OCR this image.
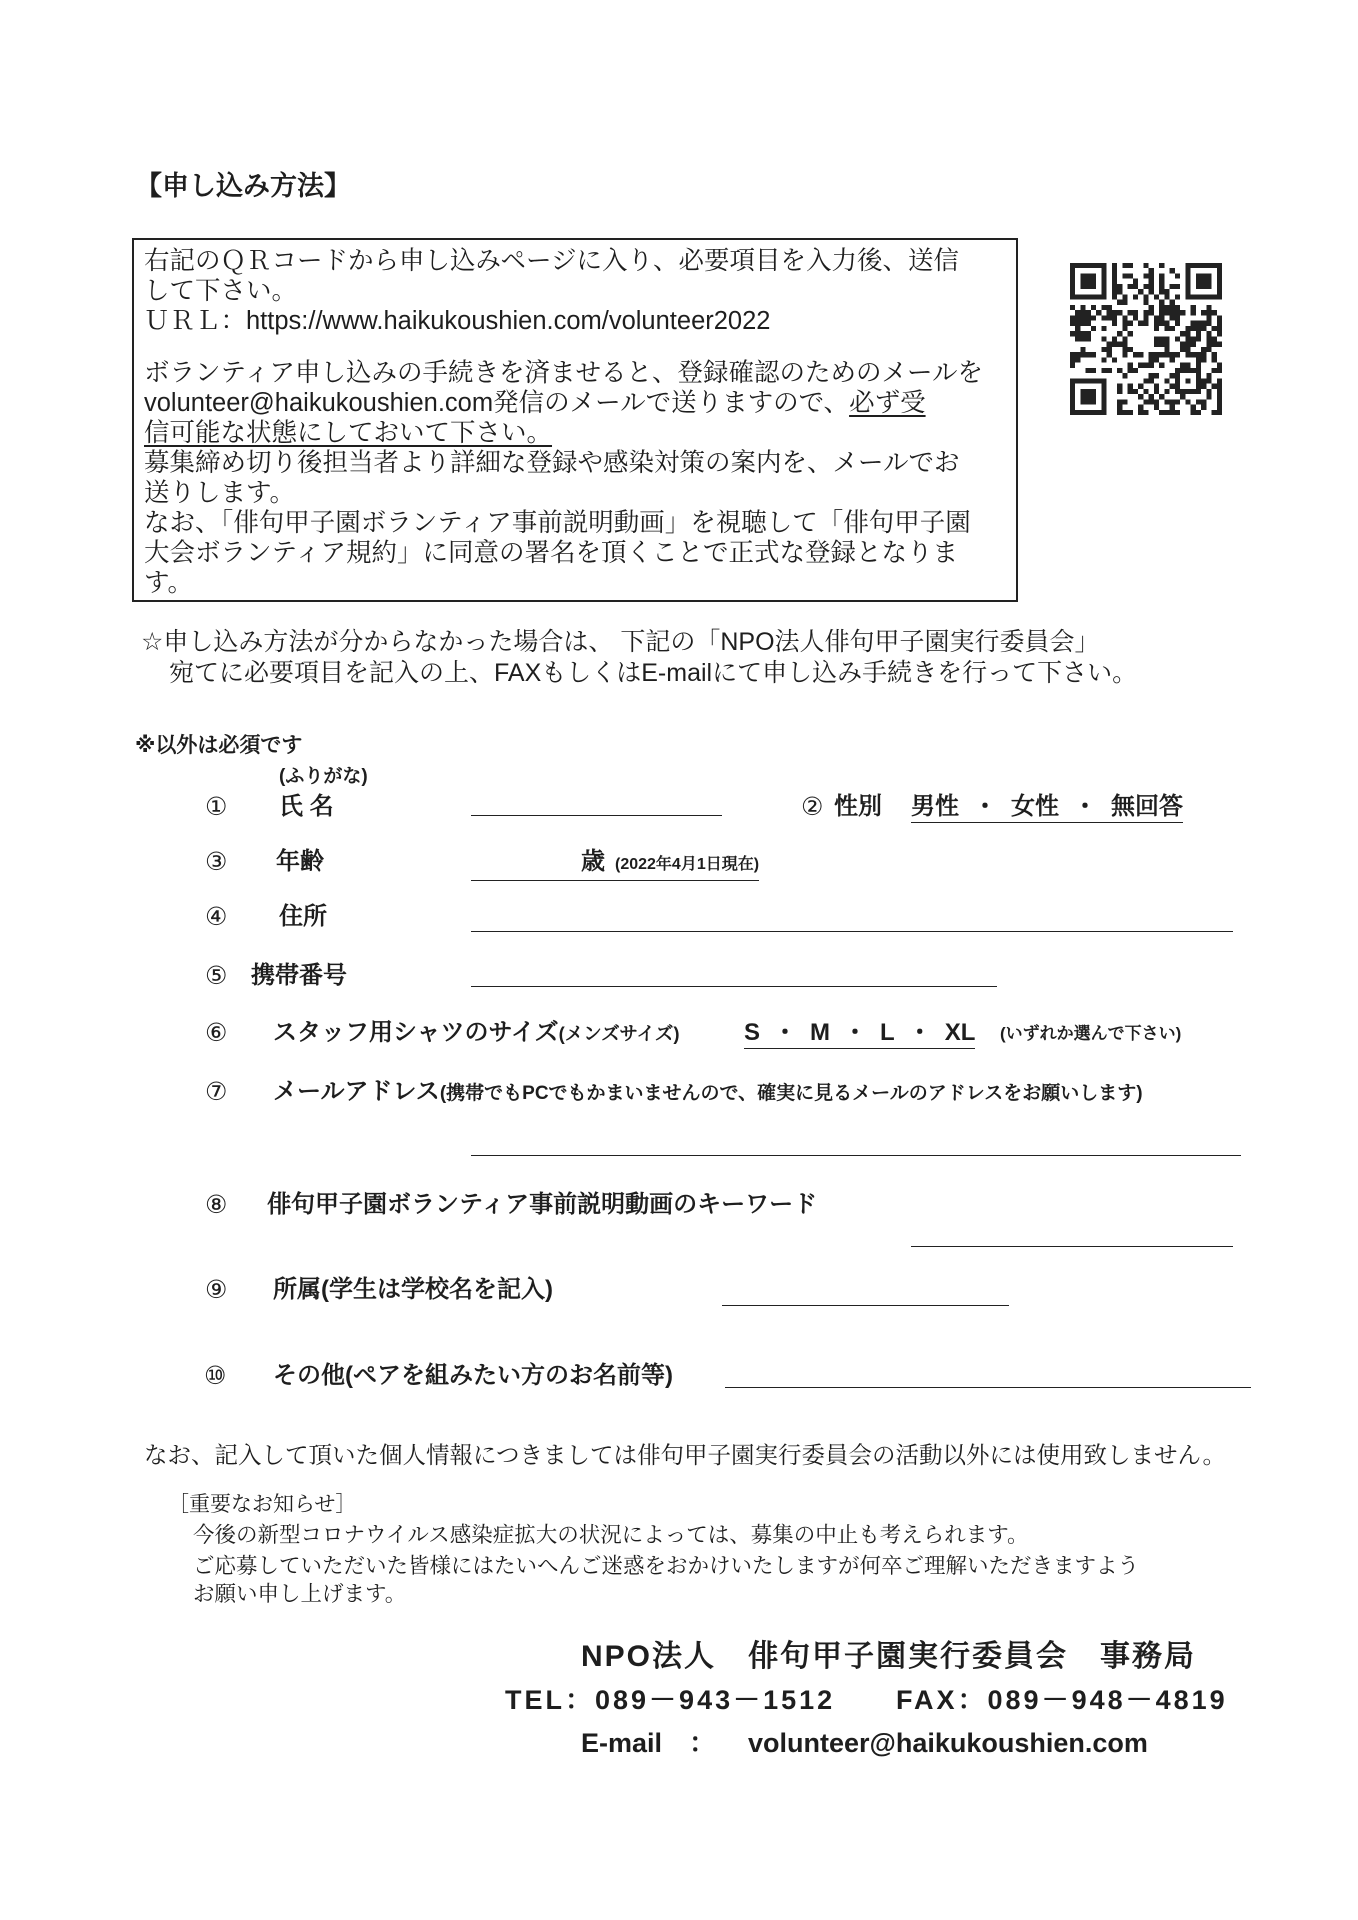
【申し込み方法】
右記のＱＲコードから申し込みページに入り、必要項目を入力後、送信
して下さい。
ＵＲＬ：https://www.haikukoushien.com/volunteer2022
ボランティア申し込みの手続きを済ませると、登録確認のためのメールを
volunteer@haikukoushien.com発信のメールで送りますので、必ず受
信可能な状態にしておいて下さい。
募集締め切り後担当者より詳細な登録や感染対策の案内を、メールでお
送りします。
なお、「俳句甲子園ボランティア事前説明動画」を視聴して「俳句甲子園
大会ボランティア規約」に同意の署名を頂くことで正式な登録となりま
す。
☆申し込み方法が分からなかった場合は、 下記の「NPO法人俳句甲子園実行委員会」
宛てに必要項目を記入の上、FAXもしくはE-mailにて申し込み手続きを行って下さい。
※以外は必須です
(ふりがな)
① 氏 名	② 性別 男性 ・ 女性 ・ 無回答
③ 年齢	歳 (2022年4月1日現在)
④ 住所
⑤ 携帯番号
⑥ スタッフ用シャツのサイズ(メンズサイズ)	S ・ M ・ L ・ XL (いずれか選んで下さい)
⑦ メールアドレス(携帯でもPCでもかまいませんので、確実に見るメールのアドレスをお願いします)
⑧ 俳句甲子園ボランティア事前説明動画のキーワード
⑨ 所属(学生は学校名を記入)
⑩ その他(ペアを組みたい方のお名前等)
なお、記入して頂いた個人情報につきましては俳句甲子園実行委員会の活動以外には使用致しません。
［重要なお知らせ］
今後の新型コロナウイルス感染症拡大の状況によっては、募集の中止も考えられます。
ご応募していただいた皆様にはたいへんご迷惑をおかけいたしますが何卒ご理解いただきますよう
お願い申し上げます。
NPO法人　俳句甲子園実行委員会　事務局
TEL：089－943－1512 FAX：089－948－4819
E-mail　： volunteer@haikukoushien.com
